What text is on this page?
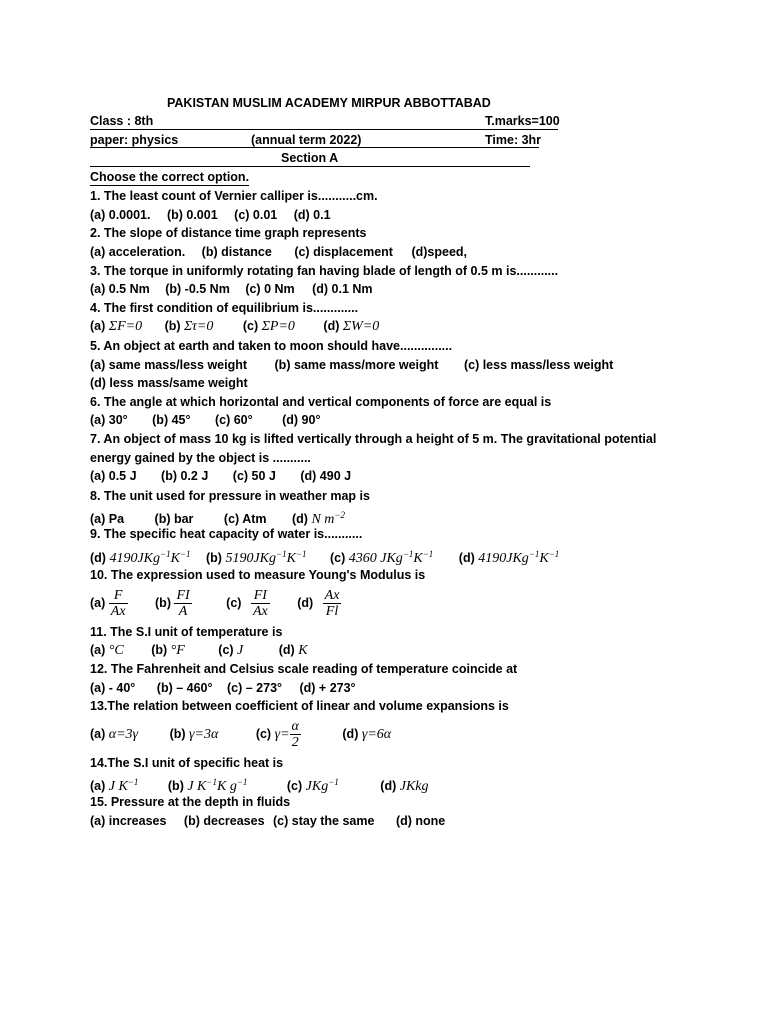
PAKISTAN MUSLIM ACADEMY MIRPUR ABBOTTABAD
Class : 8th	T.marks=100
paper: physics	(annual term 2022)	Time: 3hr
Section A
Choose the correct option.
1. The least count of Vernier calliper is...........cm.
(a) 0.0001. (b) 0.001 (c) 0.01 (d) 0.1
2. The slope of distance time graph represents
(a) acceleration. (b) distance (c) displacement (d)speed,
3. The torque in uniformly rotating fan having blade of length of 0.5 m is............
(a) 0.5 Nm (b) -0.5 Nm (c) 0 Nm (d) 0.1 Nm
4. The first condition of equilibrium is.............
(a) ΣF=0 (b) Στ=0 (c) ΣP=0 (d) ΣW=0
5. An object at earth and taken to moon should have...............
(a) same mass/less weight (b) same mass/more weight (c) less mass/less weight
(d) less mass/same weight
6. The angle at which horizontal and vertical components of force are equal is
(a) 30° (b) 45° (c) 60° (d) 90°
7. An object of mass 10 kg is lifted vertically through a height of 5 m. The gravitational potential
energy gained by the object is ...........
(a) 0.5 J (b) 0.2 J (c) 50 J (d) 490 J
8. The unit used for pressure in weather map is
(a) Pa (b) bar (c) Atm (d) N $m^{-2}$
9. The specific heat capacity of water is...........
(d) $4190JKg^{-1}K^{-1}$ (b) $5190JKg^{-1}K^{-1}$ (c) 4360 $JKg^{-1}K^{-1}$ (d) $4190JKg^{-1}K^{-1}$
10. The expression used to measure Young's Modulus is
$(a) \frac{F}{Ax} (b) \frac{FI}{A}$	$(c) \frac{FI}{Ax} (d) \frac{Ax}{Fl}$
11. The S.I unit of temperature is
(a) °C (b) °F	(c) J	(d) K
12. The Fahrenheit and Celsius scale reading of temperature coincide at
(a) - 40° (b) – 460° (c) – 273° (d) + 273°
13.The relation between coefficient of linear and volume expansions is
(a) α=3γ	(b) γ=3α	(c) $\gamma= \frac{\alpha}{2}$	(d) γ=6α
14.The S.I unit of specific heat is
(a) J $K^{-1}$ (b) J $K^{-1}K$ $g^{-1}$	(c) JKg$^{-1}$	(d) JKkg
15. Pressure at the depth in fluids
(a) increases (b) decreases (c) stay the same (d) none
